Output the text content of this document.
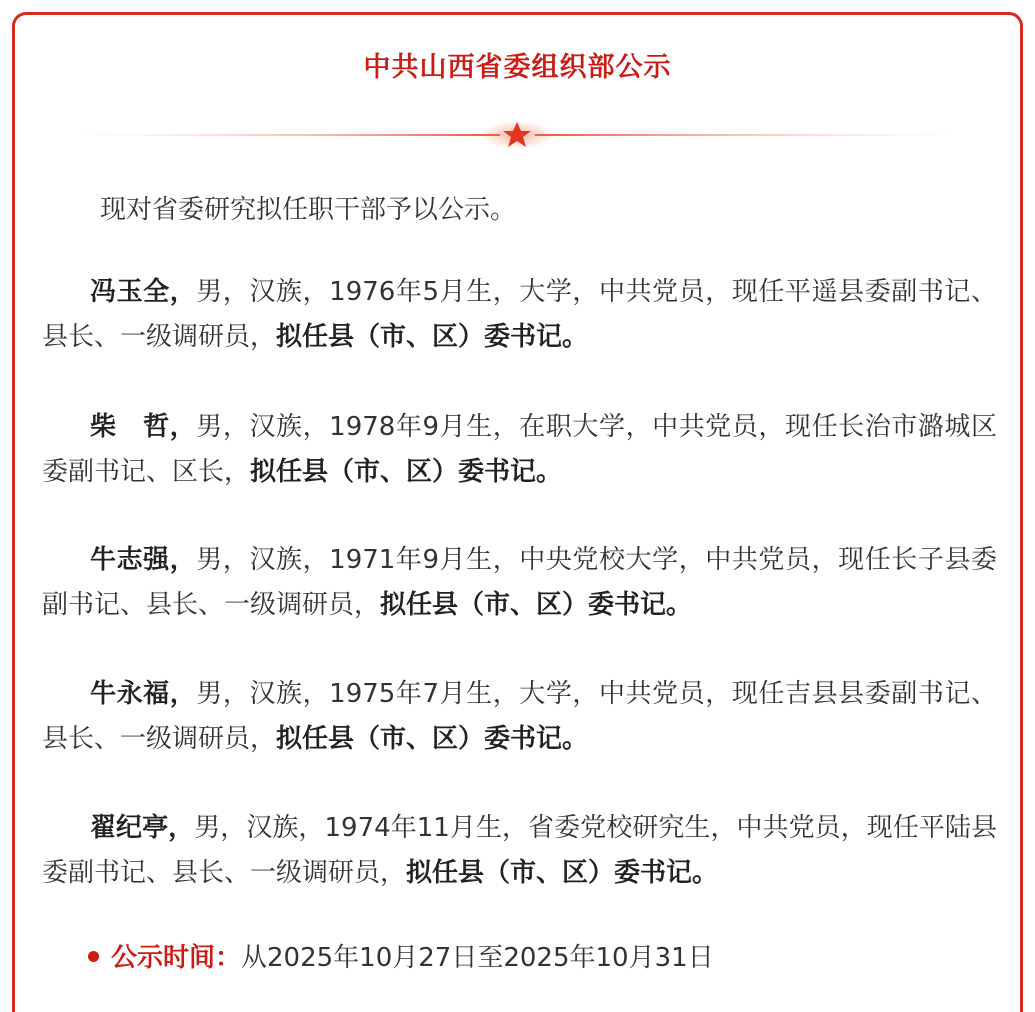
中共山西省委组织部公示
现对省委研究拟任职干部予以公示。
冯玉全，男，汉族，1976年5月生，大学，中共党员，现任平遥县委副书记、县长、一级调研员，拟任县（市、区）委书记。
柴　哲，男，汉族，1978年9月生，在职大学，中共党员，现任长治市潞城区委副书记、区长，拟任县（市、区）委书记。
牛志强，男，汉族，1971年9月生，中央党校大学，中共党员，现任长子县委副书记、县长、一级调研员，拟任县（市、区）委书记。
牛永福，男，汉族，1975年7月生，大学，中共党员，现任吉县县委副书记、县长、一级调研员，拟任县（市、区）委书记。
翟纪亭，男，汉族，1974年11月生，省委党校研究生，中共党员，现任平陆县委副书记、县长、一级调研员，拟任县（市、区）委书记。
公示时间：从2025年10月27日至2025年10月31日
